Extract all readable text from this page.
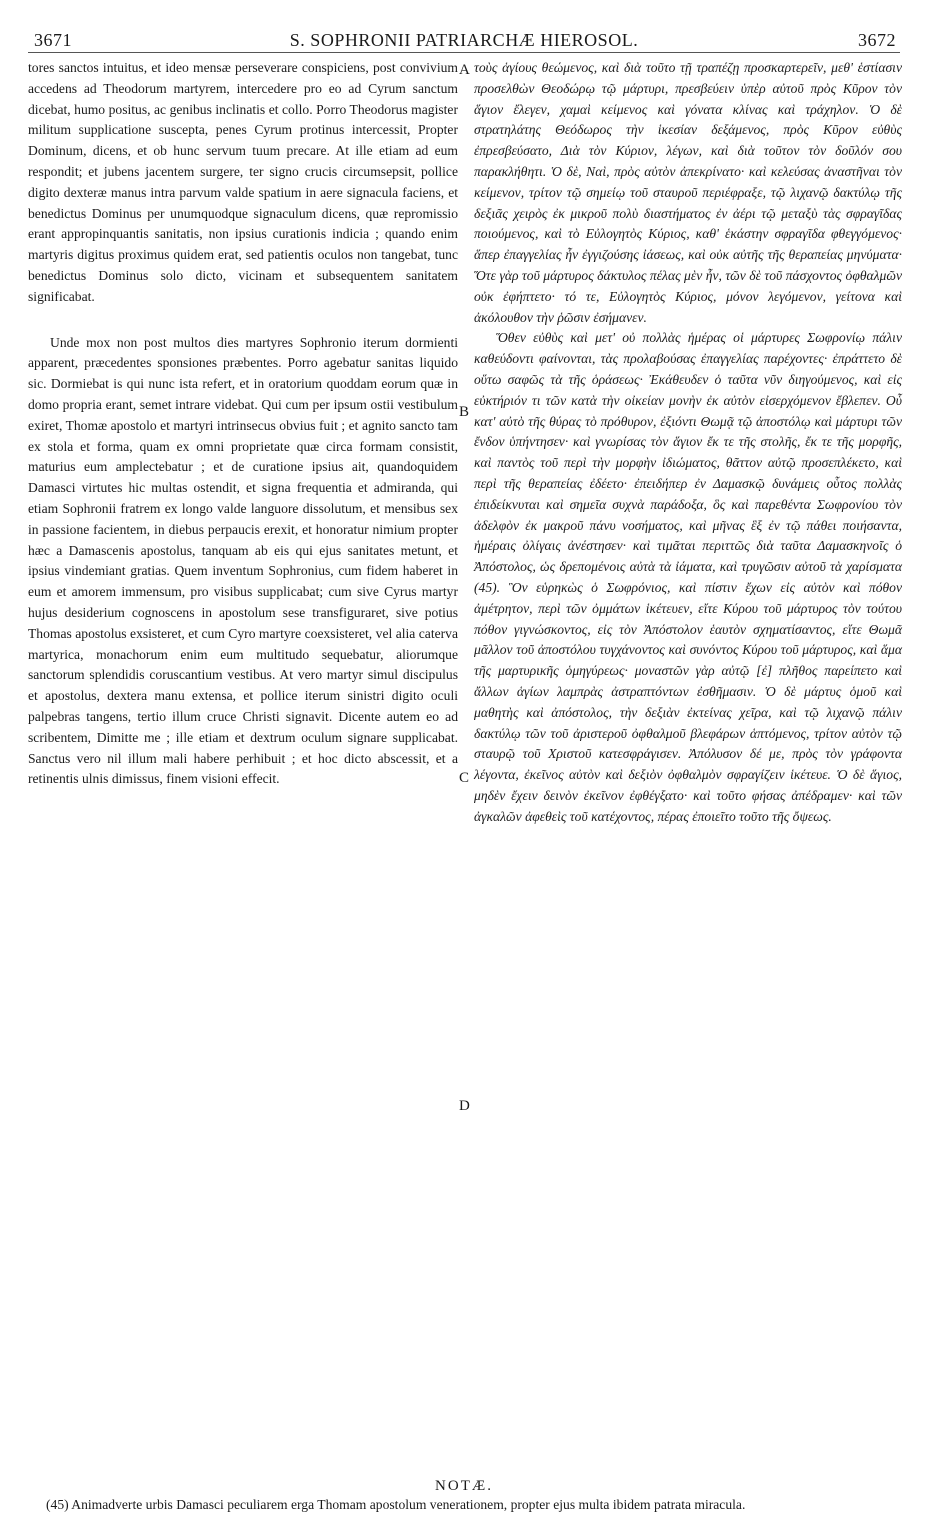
3671	S. SOPHRONII PATRIARCHÆ HIEROSOL.	3672

tores sanctos intuitus, et ideo mensæ perseverare conspiciens, post convivium accedens ad Theodorum martyrem, intercedere pro eo ad Cyrum sanctum dicebat, humo positus, ac genibus inclinatis et collo. Porro Theodorus magister militum supplicatione suscepta, penes Cyrum protinus intercessit, Propter Dominum, dicens, et ob hunc servum tuum precare. At ille etiam ad eum respondit; et jubens jacentem surgere, ter signo crucis circumsepsit, pollice digito dexteræ manus intra parvum valde spatium in aere signacula faciens, et benedictus Dominus per unumquodque signaculum dicens, quæ repromissio erant appropinquantis sanitatis, non ipsius curationis indicia ; quando enim martyris digitus proximus quidem erat, sed patientis oculos non tangebat, tunc benedictus Dominus solo dicto, vicinam et subsequentem sanitatem significabat.

Unde mox non post multos dies martyres Sophronio iterum dormienti apparent, præcedentes sponsiones præbentes. Porro agebatur sanitas liquido sic. Dormiebat is qui nunc ista refert, et in oratorium quoddam eorum quæ in domo propria erant, semet intrare videbat. Qui cum per ipsum ostii vestibulum exiret, Thomæ apostolo et martyri intrinsecus obvius fuit ; et agnito sancto tam ex stola et forma, quam ex omni proprietate quæ circa formam consistit, maturius eum amplectebatur ; et de curatione ipsius ait, quandoquidem Damasci virtutes hic multas ostendit, et signa frequentia et admiranda, qui etiam Sophronii fratrem ex longo valde languore dissolutum, et mensibus sex in passione facientem, in diebus perpaucis erexit, et honoratur nimium propter hæc a Damascenis apostolus, tanquam ab eis qui ejus sanitates metunt, et ipsius vindemiant gratias. Quem inventum Sophronius, cum fidem haberet in eum et amorem immensum, pro visibus supplicabat; cum sive Cyrus martyr hujus desiderium cognoscens in apostolum sese transfiguraret, sive potius Thomas apostolus exsisteret, et cum Cyro martyre coexsisteret, vel alia caterva martyrica, monachorum enim eum multitudo sequebatur, aliorumque sanctorum splendidis coruscantium vestibus. At vero martyr simul discipulus et apostolus, dextera manu extensa, et pollice iterum sinistri digito oculi palpebras tangens, tertio illum cruce Christi signavit. Dicente autem eo ad scribentem, Dimitte me ; ille etiam et dextrum oculum signare supplicabat. Sanctus vero nil illum mali habere perhibuit ; et hoc dicto abscessit, et a retinentis ulnis dimissus, finem visioni effecit.

τοὺς ἁγίους θεώμενος, καὶ διὰ τοῦτο τῇ τραπέζῃ προσκαρτερεῖν, μεθ' ἑστίασιν προσελθὼν Θεοδώρῳ τῷ μάρτυρι, πρεσβεύειν ὑπὲρ αὐτοῦ πρὸς Κῦρον τὸν ἅγιον ἔλεγεν, χαμαὶ κείμενος καὶ γόνατα κλίνας καὶ τράχηλον. Ὁ δὲ στρατηλάτης Θεόδωρος τὴν ἱκεσίαν δεξάμενος, πρὸς Κῦρον εὐθὺς ἐπρεσβεύσατο, Διὰ τὸν Κύριον, λέγων, καὶ διὰ τοῦτον τὸν δοῦλόν σου παρακλήθητι. Ὁ δὲ, Ναὶ, πρὸς αὐτὸν ἀπεκρίνατο· καὶ κελεύσας ἀναστῆναι τὸν κείμενον, τρίτον τῷ σημείῳ τοῦ σταυροῦ περιέφραξε, τῷ λιχανῷ δακτύλῳ τῆς δεξιᾶς χειρὸς ἐκ μικροῦ πολὺ διαστήματος ἐν ἀέρι τῷ μεταξὺ τὰς σφραγῖδας ποιούμενος, καὶ τὸ Εὐλογητὸς Κύριος, καθ' ἑκάστην σφραγῖδα φθεγγόμενος· ἅπερ ἐπαγγελίας ἦν ἐγγιζούσης ἰάσεως, καὶ οὐκ αὐτῆς τῆς θεραπείας μηνύματα· Ὅτε γὰρ τοῦ μάρτυρος δάκτυλος πέλας μὲν ἦν, τῶν δὲ τοῦ πάσχοντος ὀφθαλμῶν οὐκ ἐφήπτετο· τό τε, Εὐλογητὸς Κύριος, μόνον λεγόμενον, γείτονα καὶ ἀκόλουθον τὴν ῥῶσιν ἐσήμανεν.

Ὅθεν εὐθὺς καὶ μετ' οὐ πολλὰς ἡμέρας οἱ μάρτυρες Σωφρονίῳ πάλιν καθεύδοντι φαίνονται, τὰς προλαβούσας ἐπαγγελίας παρέχοντες· ἐπράττετο δὲ οὕτω σαφῶς τὰ τῆς ὁράσεως· Ἐκάθευδεν ὁ ταῦτα νῦν διηγούμενος, καὶ εἰς εὐκτήριόν τι τῶν κατὰ τὴν οἰκείαν μονὴν ἐκ αὐτὸν εἰσερχόμενον ἔβλεπεν. Οὗ κατ' αὐτὸ τῆς θύρας τὸ πρόθυρον, ἐξιόντι Θωμᾷ τῷ ἀποστόλῳ καὶ μάρτυρι τῶν ἔνδον ὑπήντησεν· καὶ γνωρίσας τὸν ἅγιον ἔκ τε τῆς στολῆς, ἔκ τε τῆς μορφῆς, καὶ παντὸς τοῦ περὶ τὴν μορφὴν ἰδιώματος, θᾶττον αὐτῷ προσεπλέκετο, καὶ περὶ τῆς θεραπείας ἐδέετο· ἐπειδήπερ ἐν Δαμασκῷ δυνάμεις οὗτος πολλὰς ἐπιδείκνυται καὶ σημεῖα συχνὰ παράδοξα, ὃς καὶ παρεθέντα Σωφρονίου τὸν ἀδελφὸν ἐκ μακροῦ πάνυ νοσήματος, καὶ μῆνας ἓξ ἐν τῷ πάθει ποιήσαντα, ἡμέραις ὀλίγαις ἀνέστησεν· καὶ τιμᾶται περιττῶς διὰ ταῦτα Δαμασκηνοῖς ὁ Ἀπόστολος, ὡς δρεπομένοις αὐτὰ τὰ ἰάματα, καὶ τρυγῶσιν αὐτοῦ τὰ χαρίσματα (45). Ὃν εὑρηκὼς ὁ Σωφρόνιος, καὶ πίστιν ἔχων εἰς αὐτὸν καὶ πόθον ἀμέτρητον, περὶ τῶν ὀμμάτων ἱκέτευεν, εἴτε Κύρου τοῦ μάρτυρος τὸν τούτου πόθον γιγνώσκοντος, εἰς τὸν Ἀπόστολον ἑαυτὸν σχηματίσαντος, εἴτε Θωμᾶ μᾶλλον τοῦ ἀποστόλου τυγχάνοντος καὶ συνόντος Κύρου τοῦ μάρτυρος, καὶ ἅμα τῆς μαρτυρικῆς ὁμηγύρεως· μοναστῶν γὰρ αὐτῷ [ἐ] πλῆθος παρείπετο καὶ ἄλλων ἁγίων λαμπρὰς ἀστραπτόντων ἐσθῆμασιν. Ὁ δὲ μάρτυς ὁμοῦ καὶ μαθητὴς καὶ ἀπόστολος, τὴν δεξιὰν ἐκτείνας χεῖρα, καὶ τῷ λιχανῷ πάλιν δακτύλῳ τῶν τοῦ ἀριστεροῦ ὀφθαλμοῦ βλεφάρων ἁπτόμενος, τρίτον αὐτὸν τῷ σταυρῷ τοῦ Χριστοῦ κατεσφράγισεν. Ἀπόλυσον δέ με, πρὸς τὸν γράφοντα λέγοντα, ἐκεῖνος αὐτὸν καὶ δεξιὸν ὀφθαλμὸν σφραγίζειν ἱκέτευε. Ὁ δὲ ἅγιος, μηδὲν ἔχειν δεινὸν ἐκεῖνον ἐφθέγξατο· καὶ τοῦτο φήσας ἀπέδραμεν· καὶ τῶν ἀγκαλῶν ἀφεθεὶς τοῦ κατέχοντος, πέρας ἐποιεῖτο τοῦτο τῆς ὄψεως.

A
B
C
D
NOTÆ.
(45) Animadverte urbis Damasci peculiarem erga Thomam apostolum venerationem, propter ejus multa ibidem patrata miracula.
